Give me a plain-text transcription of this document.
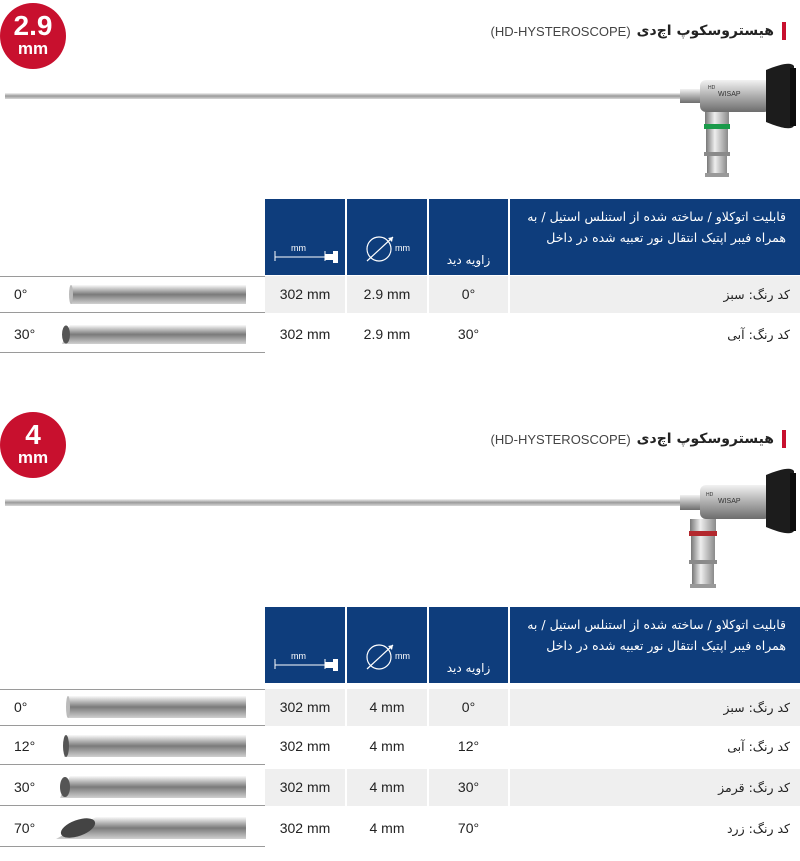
2.9
mm
هیستروسکوپ اچ‌دی
(HD-HYSTEROSCOPE)
HD
WISAP
mm	mm
زاویه دید
قابلیت اتوکلاو / ساخته شده از استنلس استیل / به همراه فیبر اپتیک انتقال نور تعبیه شده در داخل
0°	302 mm	2.9 mm	0°	کد رنگ: سبز
30°	302 mm	2.9 mm	30°	کد رنگ: آبی
4
mm
هیستروسکوپ اچ‌دی
(HD-HYSTEROSCOPE)
HD
WISAP
mm	mm
زاویه دید
قابلیت اتوکلاو / ساخته شده از استنلس استیل / به همراه فیبر اپتیک انتقال نور تعبیه شده در داخل
0°	302 mm	4 mm	0°	کد رنگ: سبز
12°	302 mm	4 mm	12°	کد رنگ: آبی
30°	302 mm	4 mm	30°	کد رنگ: قرمز
70°	302 mm	4 mm	70°	کد رنگ: زرد
